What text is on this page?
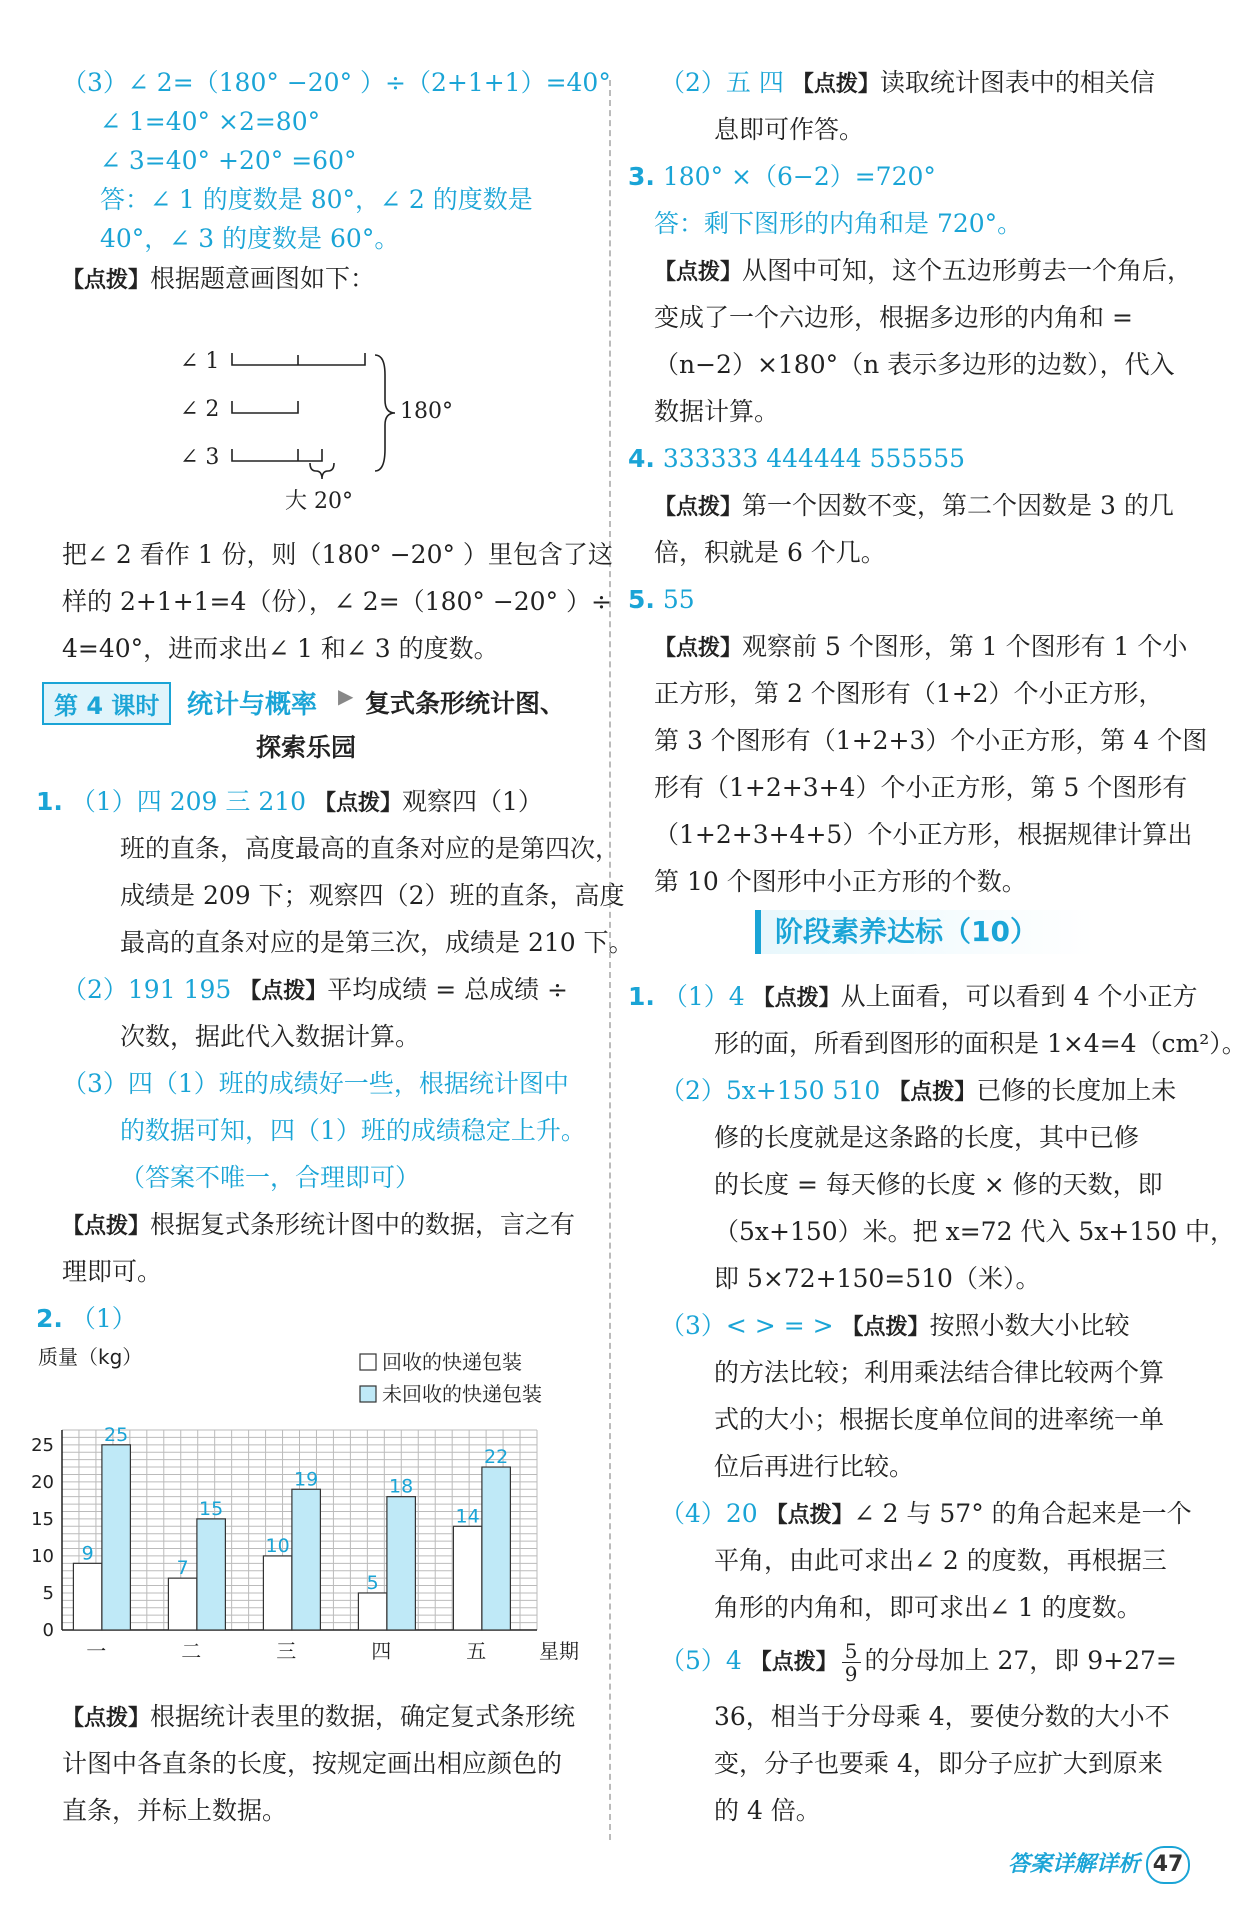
（3）∠ 2=（180° −20° ）÷（2+1+1）=40°
∠ 1=40° ×2=80°
∠ 3=40° +20° =60°
答：∠ 1 的度数是 80°，∠ 2 的度数是
40°，∠ 3 的度数是 60°。
【点拨】根据题意画图如下：
∠ 1
∠ 2
∠ 3
180°
大 20°
把∠ 2 看作 1 份，则（180° −20° ）里包含了这
样的 2+1+1=4（份），∠ 2=（180° −20° ）÷
4=40°，进而求出∠ 1 和∠ 3 的度数。
第 4 课时	统计与概率 ▶ 复式条形统计图、
探索乐园
1. （1）四 209 三 210 【点拨】观察四（1）
班的直条，高度最高的直条对应的是第四次，
成绩是 209 下；观察四（2）班的直条，高度
最高的直条对应的是第三次，成绩是 210 下。
（2）191 195 【点拨】平均成绩 = 总成绩 ÷
次数，据此代入数据计算。
（3）四（1）班的成绩好一些，根据统计图中
的数据可知，四（1）班的成绩稳定上升。
（答案不唯一，合理即可）
【点拨】根据复式条形统计图中的数据，言之有
理即可。
2. （1）
0
5
10
15
20
25
质量（kg）
9
25
一
7
15
二
10
19
三
5
18
四
14
22
五	星期
回收的快递包装
未回收的快递包装
【点拨】根据统计表里的数据，确定复式条形统
计图中各直条的长度，按规定画出相应颜色的
直条，并标上数据。
（2）五 四 【点拨】读取统计图表中的相关信
息即可作答。
3. 180° ×（6−2）=720°
答：剩下图形的内角和是 720°。
【点拨】从图中可知，这个五边形剪去一个角后，
变成了一个六边形，根据多边形的内角和 =
（n−2）×180°（n 表示多边形的边数），代入
数据计算。
4. 333333 444444 555555
【点拨】第一个因数不变，第二个因数是 3 的几
倍，积就是 6 个几。
5. 55
【点拨】观察前 5 个图形，第 1 个图形有 1 个小
正方形，第 2 个图形有（1+2）个小正方形，
第 3 个图形有（1+2+3）个小正方形，第 4 个图
形有（1+2+3+4）个小正方形，第 5 个图形有
（1+2+3+4+5）个小正方形，根据规律计算出
第 10 个图形中小正方形的个数。
阶段素养达标（10）
1. （1）4 【点拨】从上面看，可以看到 4 个小正方
形的面，所看到图形的面积是 1×4=4（cm²）。
（2）5x+150 510 【点拨】已修的长度加上未
修的长度就是这条路的长度，其中已修
的长度 = 每天修的长度 × 修的天数，即
（5x+150）米。把 x=72 代入 5x+150 中，
即 5×72+150=510（米）。
（3）< > = > 【点拨】按照小数大小比较
的方法比较；利用乘法结合律比较两个算
式的大小；根据长度单位间的进率统一单
位后再进行比较。
（4）20 【点拨】∠ 2 与 57° 的角合起来是一个
平角，由此可求出∠ 2 的度数，再根据三
角形的内角和，即可求出∠ 1 的度数。
（5）4 【点拨】 $\frac{5}{9}$ 的分母加上 27，即 9+27=
36，相当于分母乘 4，要使分数的大小不
变，分子也要乘 4，即分子应扩大到原来
的 4 倍。
答案详解详析 47
